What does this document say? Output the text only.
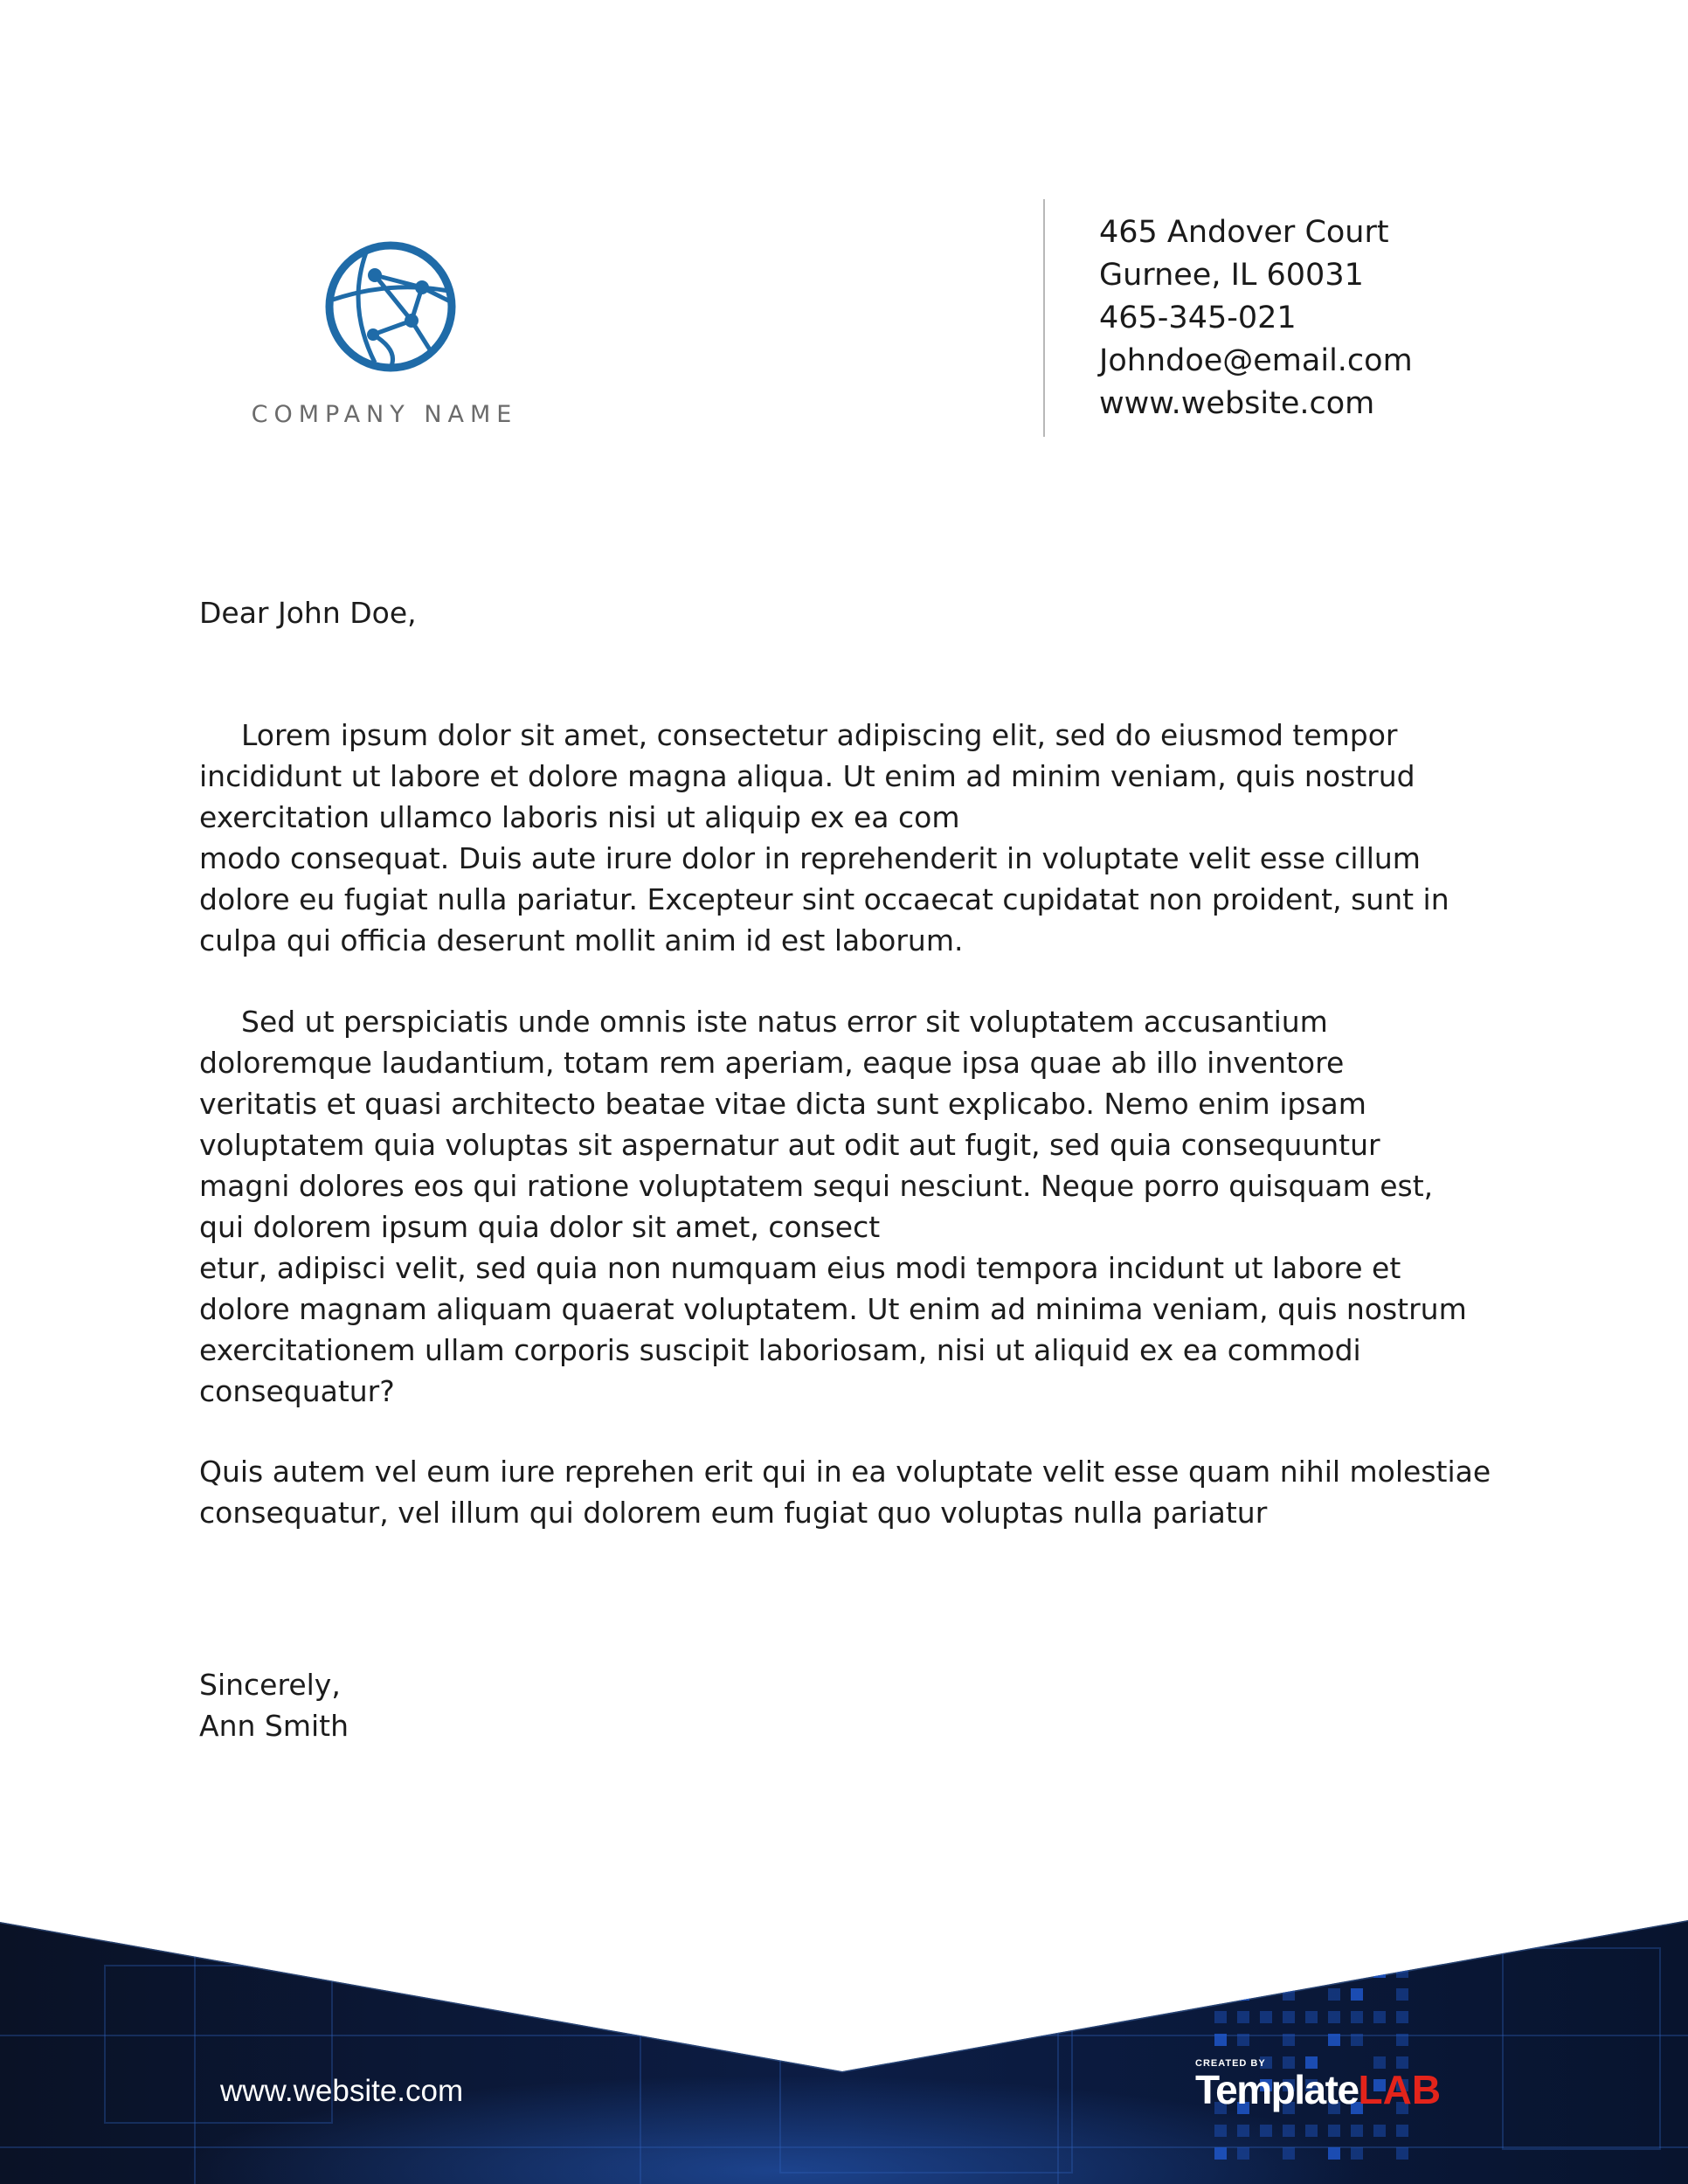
COMPANY NAME
465 Andover Court
Gurnee, IL 60031
465-345-021
Johndoe@email.com
www.website.com
Dear John Doe,
Lorem ipsum dolor sit amet, consectetur adipiscing elit, sed do eiusmod tempor
incididunt ut labore et dolore magna aliqua. Ut enim ad minim veniam, quis nostrud
exercitation ullamco laboris nisi ut aliquip ex ea com
modo consequat. Duis aute irure dolor in reprehenderit in voluptate velit esse cillum
dolore eu fugiat nulla pariatur. Excepteur sint occaecat cupidatat non proident, sunt in
culpa qui officia deserunt mollit anim id est laborum.
Sed ut perspiciatis unde omnis iste natus error sit voluptatem accusantium
doloremque laudantium, totam rem aperiam, eaque ipsa quae ab illo inventore
veritatis et quasi architecto beatae vitae dicta sunt explicabo. Nemo enim ipsam
voluptatem quia voluptas sit aspernatur aut odit aut fugit, sed quia consequuntur
magni dolores eos qui ratione voluptatem sequi nesciunt. Neque porro quisquam est,
qui dolorem ipsum quia dolor sit amet, consect
etur, adipisci velit, sed quia non numquam eius modi tempora incidunt ut labore et
dolore magnam aliquam quaerat voluptatem. Ut enim ad minima veniam, quis nostrum
exercitationem ullam corporis suscipit laboriosam, nisi ut aliquid ex ea commodi
consequatur?
Quis autem vel eum iure reprehen erit qui in ea voluptate velit esse quam nihil molestiae
consequatur, vel illum qui dolorem eum fugiat quo voluptas nulla pariatur
Sincerely,
Ann Smith
www.website.com
CREATED BY
TemplateLAB
